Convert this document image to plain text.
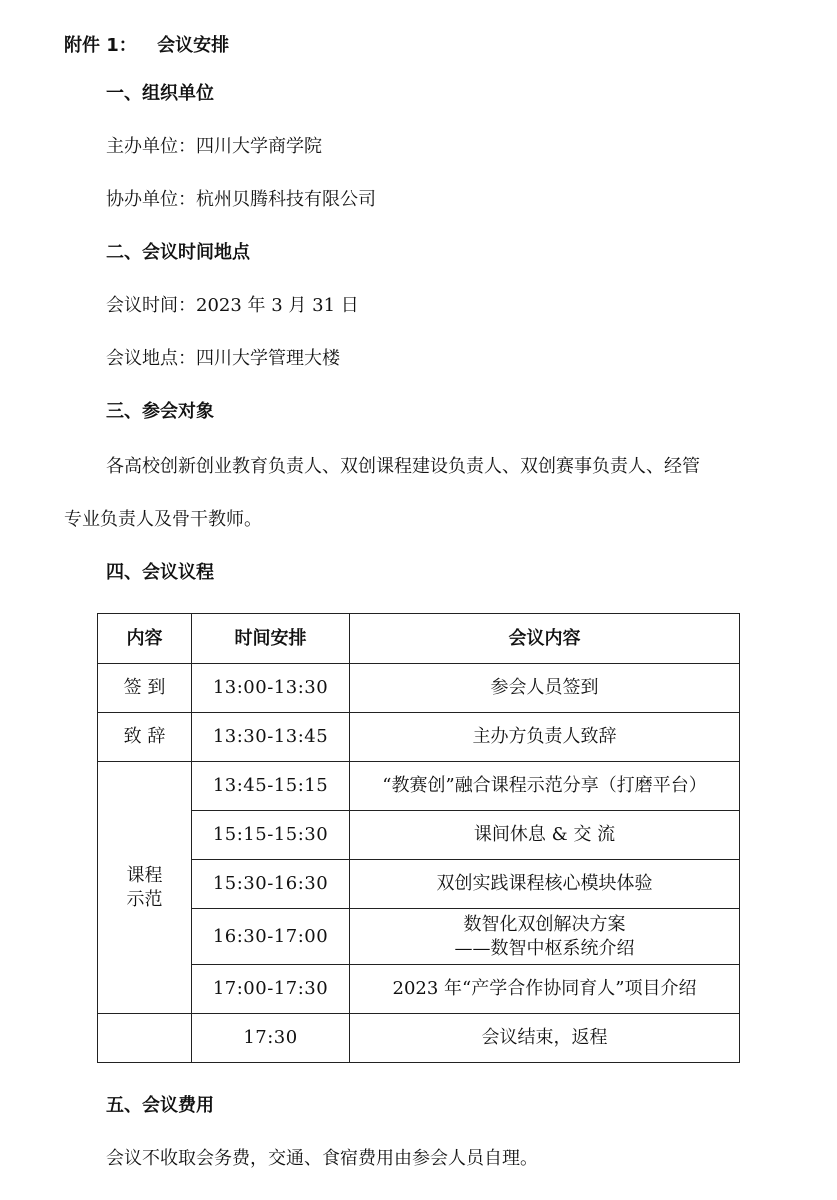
附件 1： 会议安排
一、组织单位
主办单位：四川大学商学院
协办单位：杭州贝腾科技有限公司
二、会议时间地点
会议时间：2023 年 3 月 31 日
会议地点：四川大学管理大楼
三、参会对象
各高校创新创业教育负责人、双创课程建设负责人、双创赛事负责人、经管
专业负责人及骨干教师。
四、会议议程
内容	时间安排	会议内容
签 到	13:00-13:30	参会人员签到
致 辞	13:30-13:45	主办方负责人致辞

课程
示范	13:45-15:15	“教赛创”融合课程示范分享（打磨平台）
	15:15-15:30	课间休息 & 交 流
	15:30-16:30	双创实践课程核心模块体验
	16:30-17:00	数智化双创解决方案
——数智中枢系统介绍

	17:00-17:30	2023 年“产学合作协同育人”项目介绍
	17:30	会议结束，返程
五、会议费用
会议不收取会务费，交通、食宿费用由参会人员自理。
